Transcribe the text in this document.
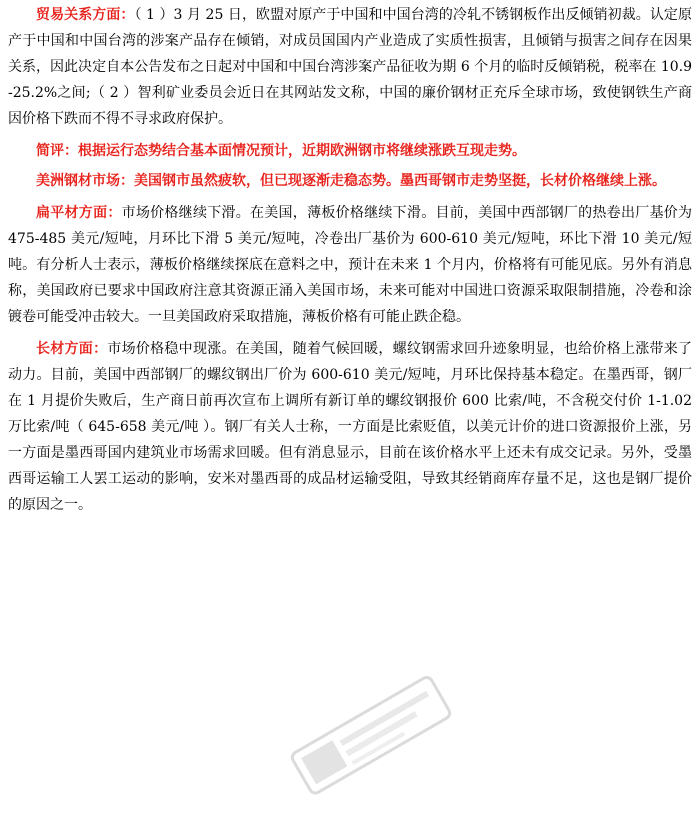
贸易关系方面：（ 1 ）3 月 25 日，欧盟对原产于中国和中国台湾的冷轧不锈钢板作出反倾销初裁。认定原产于中国和中国台湾的涉案产品存在倾销，对成员国国内产业造成了实质性损害，且倾销与损害之间存在因果关系，因此决定自本公告发布之日起对中国和中国台湾涉案产品征收为期 6 个月的临时反倾销税，税率在 10.9-25.2%之间;（ 2 ）智利矿业委员会近日在其网站发文称，中国的廉价钢材正充斥全球市场，致使钢铁生产商因价格下跌而不得不寻求政府保护。

简评：根据运行态势结合基本面情况预计，近期欧洲钢市将继续涨跌互现走势。

美洲钢材市场：美国钢市虽然疲软，但已现逐渐走稳态势。墨西哥钢市走势坚挺，长材价格继续上涨。

扁平材方面：市场价格继续下滑。在美国，薄板价格继续下滑。目前，美国中西部钢厂的热卷出厂基价为 475-485 美元/短吨，月环比下滑 5 美元/短吨，冷卷出厂基价为 600-610 美元/短吨，环比下滑 10 美元/短吨。有分析人士表示，薄板价格继续探底在意料之中，预计在未来 1 个月内，价格将有可能见底。另外有消息称，美国政府已要求中国政府注意其资源正涌入美国市场，未来可能对中国进口资源采取限制措施，冷卷和涂镀卷可能受冲击较大。一旦美国政府采取措施，薄板价格有可能止跌企稳。

长材方面：市场价格稳中现涨。在美国，随着气候回暖，螺纹钢需求回升迹象明显，也给价格上涨带来了动力。目前，美国中西部钢厂的螺纹钢出厂价为 600-610 美元/短吨，月环比保持基本稳定。在墨西哥，钢厂在 1 月提价失败后，生产商日前再次宣布上调所有新订单的螺纹钢报价 600 比索/吨，不含税交付价 1-1.02 万比索/吨（ 645-658 美元/吨 ）。钢厂有关人士称，一方面是比索贬值，以美元计价的进口资源报价上涨，另一方面是墨西哥国内建筑业市场需求回暖。但有消息显示，目前在该价格水平上还未有成交记录。另外，受墨西哥运输工人罢工运动的影响，安米对墨西哥的成品材运输受阻，导致其经销商库存量不足，这也是钢厂提价的原因之一。
